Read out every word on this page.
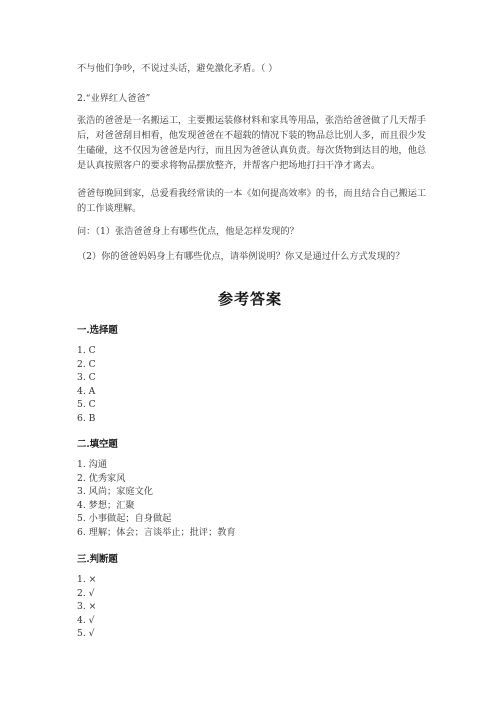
不与他们争吵，不说过头话，避免激化矛盾。（ ）
2.“业界红人爸爸”

张浩的爸爸是一名搬运工，主要搬运装修材料和家具等用品，张浩给爸爸做了几天帮手后，对爸爸刮目相看，他发现爸爸在不超载的情况下装的物品总比别人多，而且很少发生磕碰，这不仅因为爸爸是内行，而且因为爸爸认真负责。每次货物到达目的地，他总是认真按照客户的要求将物品摆放整齐，并帮客户把场地打扫干净才离去。

爸爸每晚回到家，总爱看我经常读的一本《如何提高效率》的书，而且结合自己搬运工的工作谈理解。

问：（1）张浩爸爸身上有哪些优点，他是怎样发现的？

（2）你的爸爸妈妈身上有哪些优点，请举例说明？你又是通过什么方式发现的？

参考答案
一.选择题
1. C
2. C
3. C
4. A
5. C
6. B
二.填空题
1. 沟通
2. 优秀家风
3. 风尚；家庭文化
4. 梦想；汇聚
5. 小事做起；自身做起
6. 理解；体会；言谈举止；批评；教育
三.判断题
1. ×
2. √
3. ×
4. √
5. √
